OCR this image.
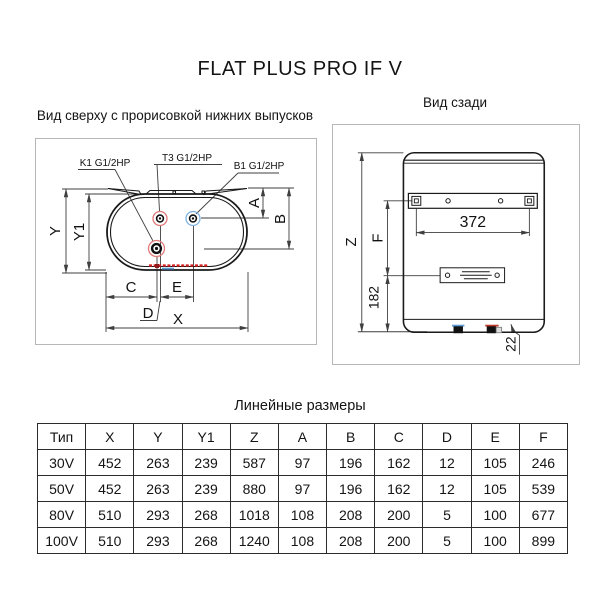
FLAT PLUS PRO IF V
Вид сверху с прорисовкой нижних выпусков
Вид сзади
K1 G1/2HP	T3 G1/2HP
B1 G1/2HP
Y Y1
A
B
C E
D X
Z F
182
372
22
Линейные размеры
Тип	X	Y	Y1	Z	A	B	C	D	E	F
30V	452	263	239	587	97	196	162	12	105	246
50V	452	263	239	880	97	196	162	12	105	539
80V	510	293	268	1018	108	208	200	5	100	677
100V	510	293	268	1240	108	208	200	5	100	899
